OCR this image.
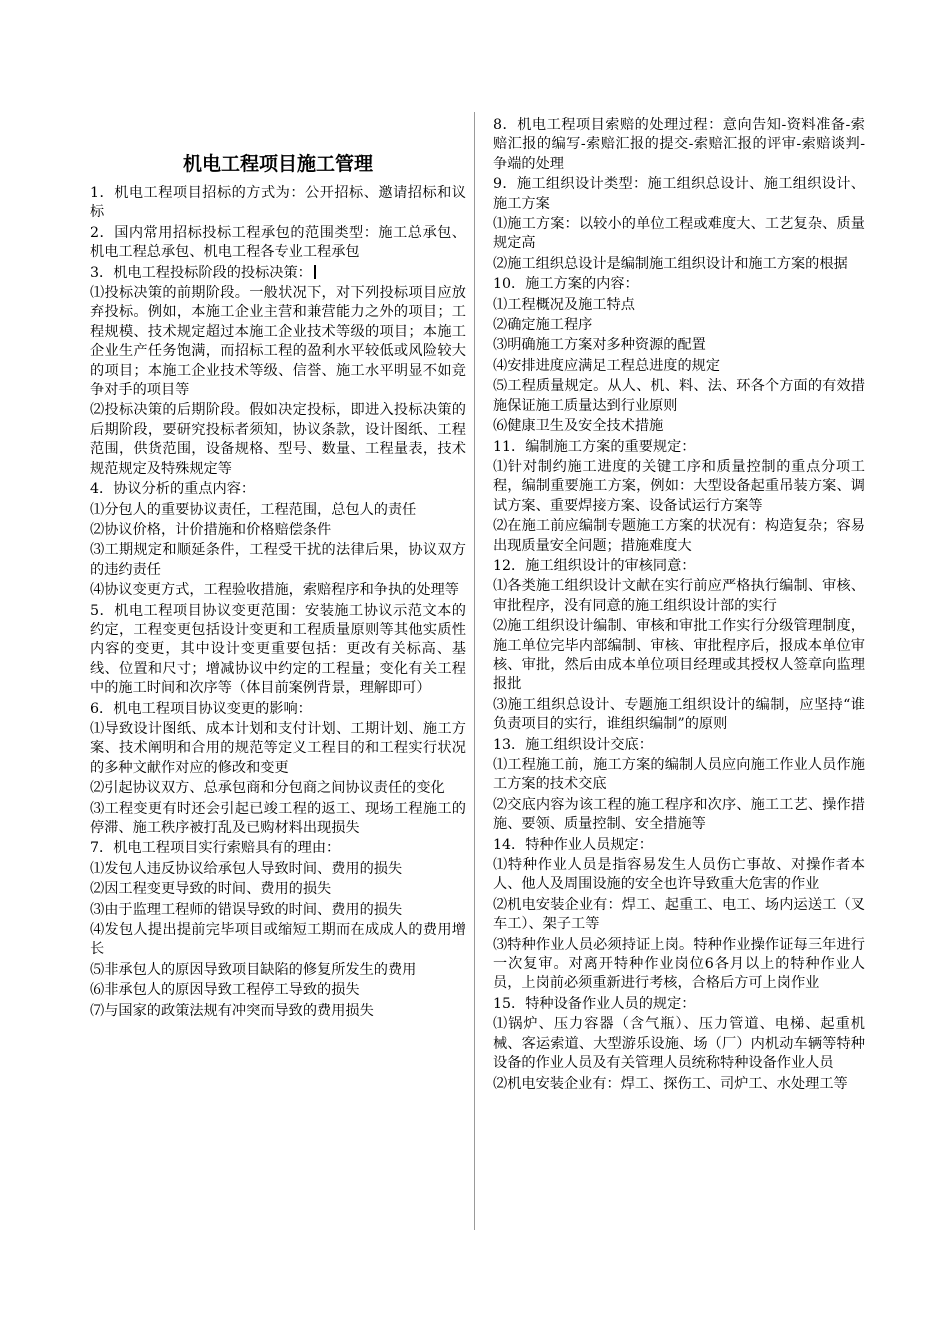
机电工程项目施工管理
1．机电工程项目招标的方式为：公开招标、邀请招标和议标
2．国内常用招标投标工程承包的范围类型：施工总承包、机电工程总承包、机电工程各专业工程承包
3．机电工程投标阶段的投标决策：
⑴投标决策的前期阶段。一般状况下，对下列投标项目应放弃投标。例如，本施工企业主营和兼营能力之外的项目；工程规模、技术规定超过本施工企业技术等级的项目；本施工企业生产任务饱满，而招标工程的盈利水平较低或风险较大的项目；本施工企业技术等级、信誉、施工水平明显不如竞争对手的项目等
⑵投标决策的后期阶段。假如决定投标，即进入投标决策的后期阶段，要研究投标者须知，协议条款，设计图纸、工程范围，供货范围，设备规格、型号、数量、工程量表，技术规范规定及特殊规定等
4．协议分析的重点内容：
⑴分包人的重要协议责任，工程范围，总包人的责任
⑵协议价格，计价措施和价格赔偿条件
⑶工期规定和顺延条件，工程受干扰的法律后果，协议双方的违约责任
⑷协议变更方式，工程验收措施，索赔程序和争执的处理等
5．机电工程项目协议变更范围：安装施工协议示范文本的约定，工程变更包括设计变更和工程质量原则等其他实质性内容的变更，其中设计变更重要包括：更改有关标高、基线、位置和尺寸；增减协议中约定的工程量；变化有关工程中的施工时间和次序等（体目前案例背景，理解即可）
6．机电工程项目协议变更的影响：
⑴导致设计图纸、成本计划和支付计划、工期计划、施工方案、技术阐明和合用的规范等定义工程目的和工程实行状况的多种文献作对应的修改和变更
⑵引起协议双方、总承包商和分包商之间协议责任的变化
⑶工程变更有时还会引起已竣工程的返工、现场工程施工的停滞、施工秩序被打乱及已购材料出现损失
7．机电工程项目实行索赔具有的理由：
⑴发包人违反协议给承包人导致时间、费用的损失
⑵因工程变更导致的时间、费用的损失
⑶由于监理工程师的错误导致的时间、费用的损失
⑷发包人提出提前完毕项目或缩短工期而在成成人的费用增长
⑸非承包人的原因导致项目缺陷的修复所发生的费用
⑹非承包人的原因导致工程停工导致的损失
⑺与国家的政策法规有冲突而导致的费用损失
8．机电工程项目索赔的处理过程：意向告知-资料准备-索赔汇报的编写-索赔汇报的提交-索赔汇报的评审-索赔谈判-争端的处理
9．施工组织设计类型：施工组织总设计、施工组织设计、施工方案
⑴施工方案：以较小的单位工程或难度大、工艺复杂、质量规定高
⑵施工组织总设计是编制施工组织设计和施工方案的根据
10．施工方案的内容：
⑴工程概况及施工特点
⑵确定施工程序
⑶明确施工方案对多种资源的配置
⑷安排进度应满足工程总进度的规定
⑸工程质量规定。从人、机、料、法、环各个方面的有效措施保证施工质量达到行业原则
⑹健康卫生及安全技术措施
11．编制施工方案的重要规定：
⑴针对制约施工进度的关键工序和质量控制的重点分项工程，编制重要施工方案，例如：大型设备起重吊装方案、调试方案、重要焊接方案、设备试运行方案等
⑵在施工前应编制专题施工方案的状况有：构造复杂；容易出现质量安全问题；措施难度大
12．施工组织设计的审核同意：
⑴各类施工组织设计文献在实行前应严格执行编制、审核、审批程序，没有同意的施工组织设计部的实行
⑵施工组织设计编制、审核和审批工作实行分级管理制度，施工单位完毕内部编制、审核、审批程序后，报成本单位审核、审批，然后由成本单位项目经理或其授权人签章向监理报批
⑶施工组织总设计、专题施工组织设计的编制，应坚持“谁负责项目的实行，谁组织编制”的原则
13．施工组织设计交底：
⑴工程施工前，施工方案的编制人员应向施工作业人员作施工方案的技术交底
⑵交底内容为该工程的施工程序和次序、施工工艺、操作措施、要领、质量控制、安全措施等
14．特种作业人员规定：
⑴特种作业人员是指容易发生人员伤亡事故、对操作者本人、他人及周围设施的安全也许导致重大危害的作业
⑵机电安装企业有：焊工、起重工、电工、场内运送工（叉车工）、架子工等
⑶特种作业人员必须持证上岗。特种作业操作证每三年进行一次复审。对离开特种作业岗位6各月以上的特种作业人员，上岗前必须重新进行考核，合格后方可上岗作业
15．特种设备作业人员的规定：
⑴锅炉、压力容器（含气瓶）、压力管道、电梯、起重机械、客运索道、大型游乐设施、场（厂）内机动车辆等特种设备的作业人员及有关管理人员统称特种设备作业人员
⑵机电安装企业有：焊工、探伤工、司炉工、水处理工等
